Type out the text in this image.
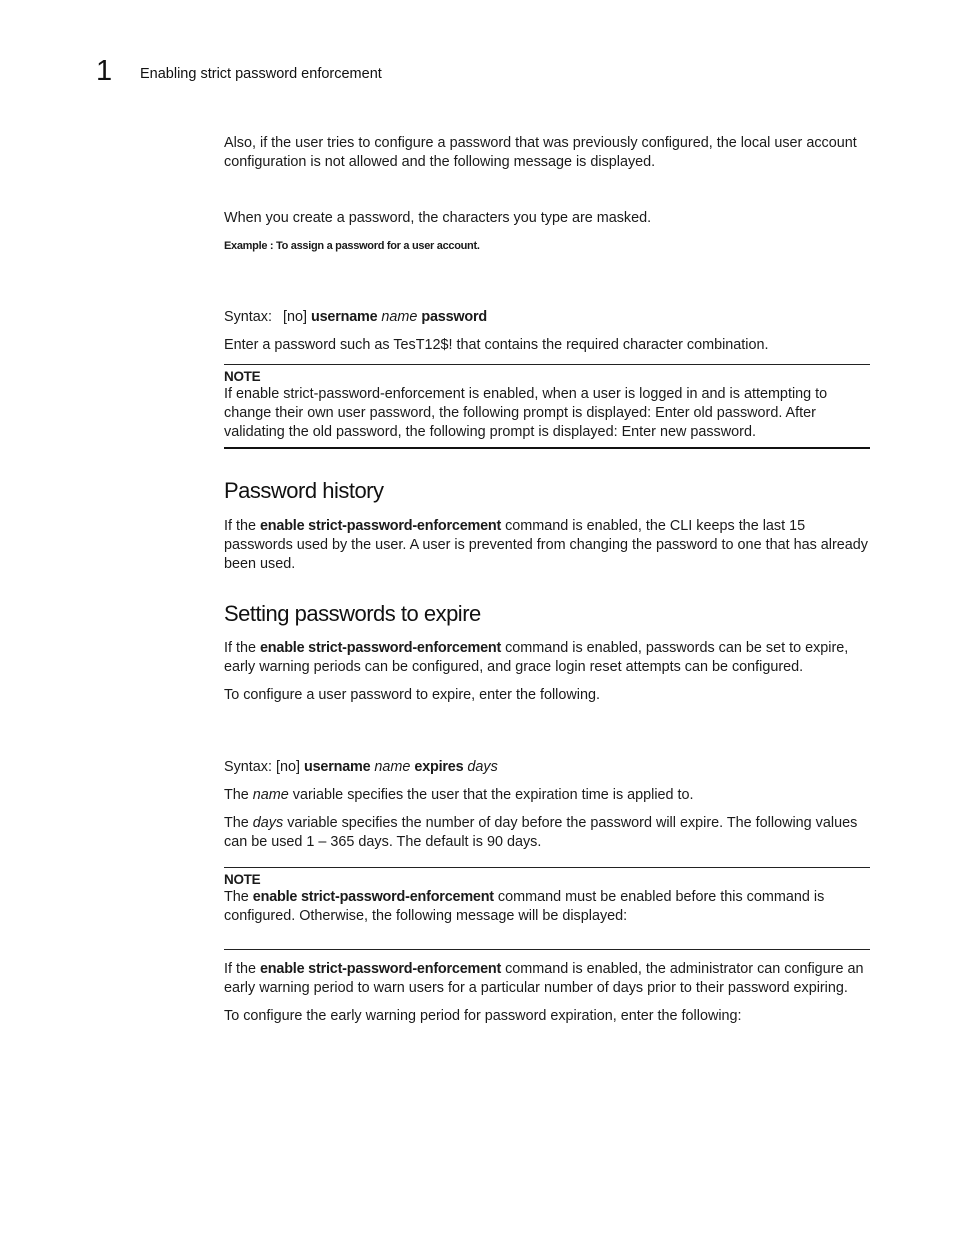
1 Enabling strict password enforcement

Also, if the user tries to configure a password that was previously configured, the local user account configuration is not allowed and the following message is displayed.

When you create a password, the characters you type are masked.

Example : To assign a password for a user account.

Syntax: [no] username name password

Enter a password such as TesT12$! that contains the required character combination.

NOTE

If enable strict-password-enforcement is enabled, when a user is logged in and is attempting to change their own user password, the following prompt is displayed: Enter old password. After validating the old password, the following prompt is displayed: Enter new password.

Password history

If the enable strict-password-enforcement command is enabled, the CLI keeps the last 15 passwords used by the user. A user is prevented from changing the password to one that has already been used.

Setting passwords to expire

If the enable strict-password-enforcement command is enabled, passwords can be set to expire, early warning periods can be configured, and grace login reset attempts can be configured.

To configure a user password to expire, enter the following.

Syntax: [no] username name expires days

The name variable specifies the user that the expiration time is applied to.

The days variable specifies the number of day before the password will expire. The following values can be used 1 – 365 days. The default is 90 days.

NOTE

The enable strict-password-enforcement command must be enabled before this command is configured. Otherwise, the following message will be displayed:

If the enable strict-password-enforcement command is enabled, the administrator can configure an early warning period to warn users for a particular number of days prior to their password expiring.

To configure the early warning period for password expiration, enter the following:
